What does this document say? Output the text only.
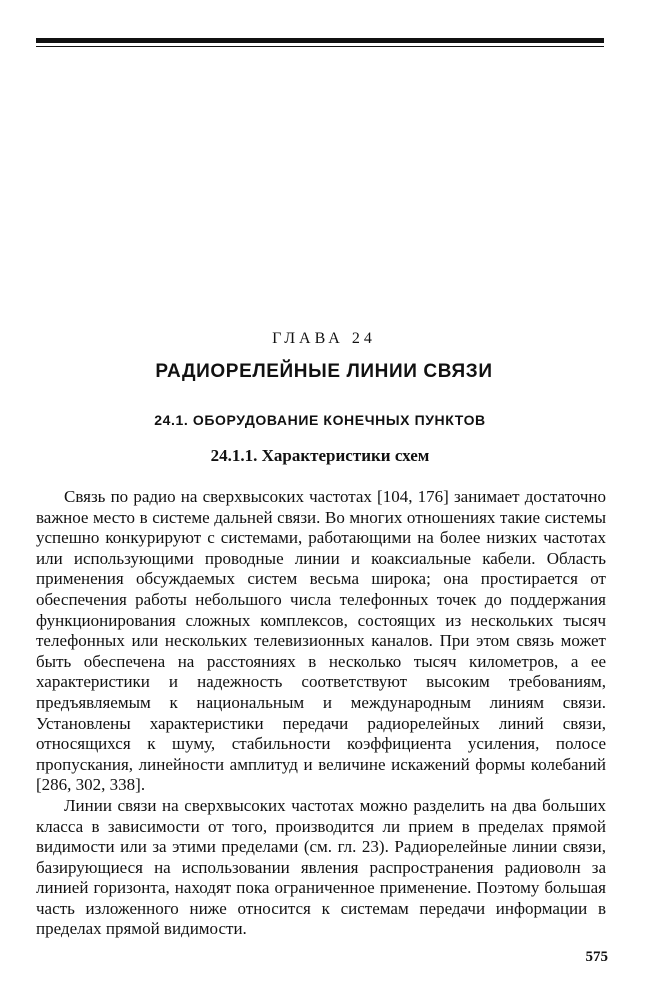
ГЛАВА 24
РАДИОРЕЛЕЙНЫЕ ЛИНИИ СВЯЗИ
24.1. ОБОРУДОВАНИЕ КОНЕЧНЫХ ПУНКТОВ
24.1.1. Характеристики схем

Связь по радио на сверхвысоких частотах [104, 176] занимает достаточно важное место в системе дальней связи. Во многих отношениях такие системы успешно конкурируют с системами, работающими на более низких частотах или использующими проводные линии и коаксиальные кабели. Область применения обсуждаемых систем весьма широка; она простирается от обеспечения работы небольшого числа телефонных точек до поддержания функционирования сложных комплексов, состоящих из нескольких тысяч телефонных или нескольких телевизионных каналов. При этом связь может быть обеспечена на расстояниях в несколько тысяч километров, а ее характеристики и надежность соответствуют высоким требованиям, предъявляемым к национальным и международным линиям связи. Установлены характеристики передачи радиорелейных линий связи, относящихся к шуму, стабильности коэффициента усиления, полосе пропускания, линейности амплитуд и величине искажений формы колебаний [286, 302, 338].

Линии связи на сверхвысоких частотах можно разделить на два больших класса в зависимости от того, производится ли прием в пределах прямой видимости или за этими пределами (см. гл. 23). Радиорелейные линии связи, базирующиеся на использовании явления распространения радиоволн за линией горизонта, находят пока ограниченное применение. Поэтому большая часть изложенного ниже относится к системам передачи информации в пределах прямой видимости.

575
